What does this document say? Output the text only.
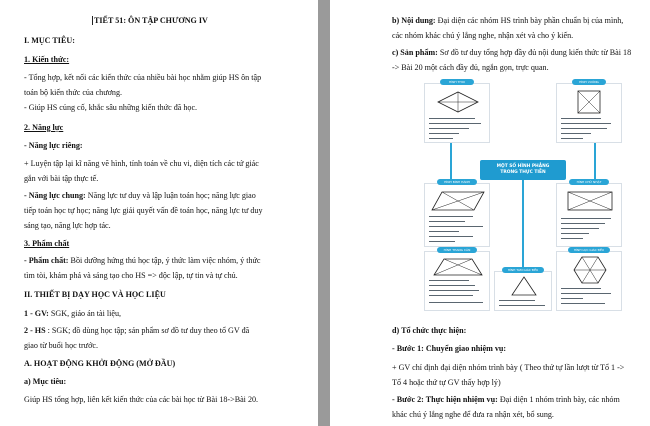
TIẾT 51: ÔN TẬP CHƯƠNG IV
I. MỤC TIÊU:
1. Kiến thức:
- Tổng hợp, kết nối các kiến thức của nhiều bài học nhằm giúp HS ôn tập
toán bộ kiến thức của chương.
- Giúp HS củng cố, khắc sâu những kiến thức đã học.
2. Năng lực
- Năng lực riêng:
+ Luyện tập lại kĩ năng vẽ hình, tính toán về chu vi, diện tích các tứ giác
gắn với bài tập thực tế.
- Năng lực chung: Năng lực tư duy và lập luận toán học; năng lực giao
tiếp toán học tự học; năng lực giải quyết vấn đề toán học, năng lực tư duy
sáng tạo, năng lực hợp tác.
3. Phẩm chất
- Phẩm chất: Bồi dưỡng hứng thú học tập, ý thức làm việc nhóm, ý thức
tìm tòi, khám phá và sáng tạo cho HS => độc lập, tự tin và tự chủ.
II. THIẾT BỊ DẠY HỌC VÀ HỌC LIỆU
1 - GV: SGK, giáo án tài liệu,
2 - HS : SGK; đồ dùng học tập; sản phẩm sơ đồ tư duy theo tổ GV đã
giao từ buổi học trước.
A. HOẠT ĐỘNG KHỞI ĐỘNG (MỞ ĐẦU)
a) Mục tiêu:
Giúp HS tổng hợp, liên kết kiến thức của các bài học từ Bài 18->Bài 20.
b) Nội dung: Đại diện các nhóm HS trình bày phần chuẩn bị của mình,
các nhóm khác chú ý lắng nghe, nhận xét và cho ý kiến.
c) Sản phẩm: Sơ đồ tư duy tổng hợp đầy đủ nội dung kiến thức từ Bài 18
-> Bài 20 một cách đầy đủ, ngắn gọn, trực quan.
HÌNH THOI	HÌNH VUÔNG
MỘT SỐ HÌNH PHẲNG
TRONG THỰC TIỄN
HÌNH BÌNH HÀNH	HÌNH CHỮ NHẬT
HÌNH THANG CÂN
HÌNH TAM GIÁC ĐỀU
HÌNH LỤC GIÁC ĐỀU
d) Tổ chức thực hiện:
- Bước 1: Chuyển giao nhiệm vụ:
+ GV chỉ định đại diện nhóm trình bày ( Theo thứ tự lần lượt từ Tổ 1 ->
Tổ 4 hoặc thứ tự GV thấy hợp lý)
- Bước 2: Thực hiện nhiệm vụ: Đại diện 1 nhóm trình bày, các nhóm
khác chú ý lắng nghe để đưa ra nhận xét, bổ sung.
